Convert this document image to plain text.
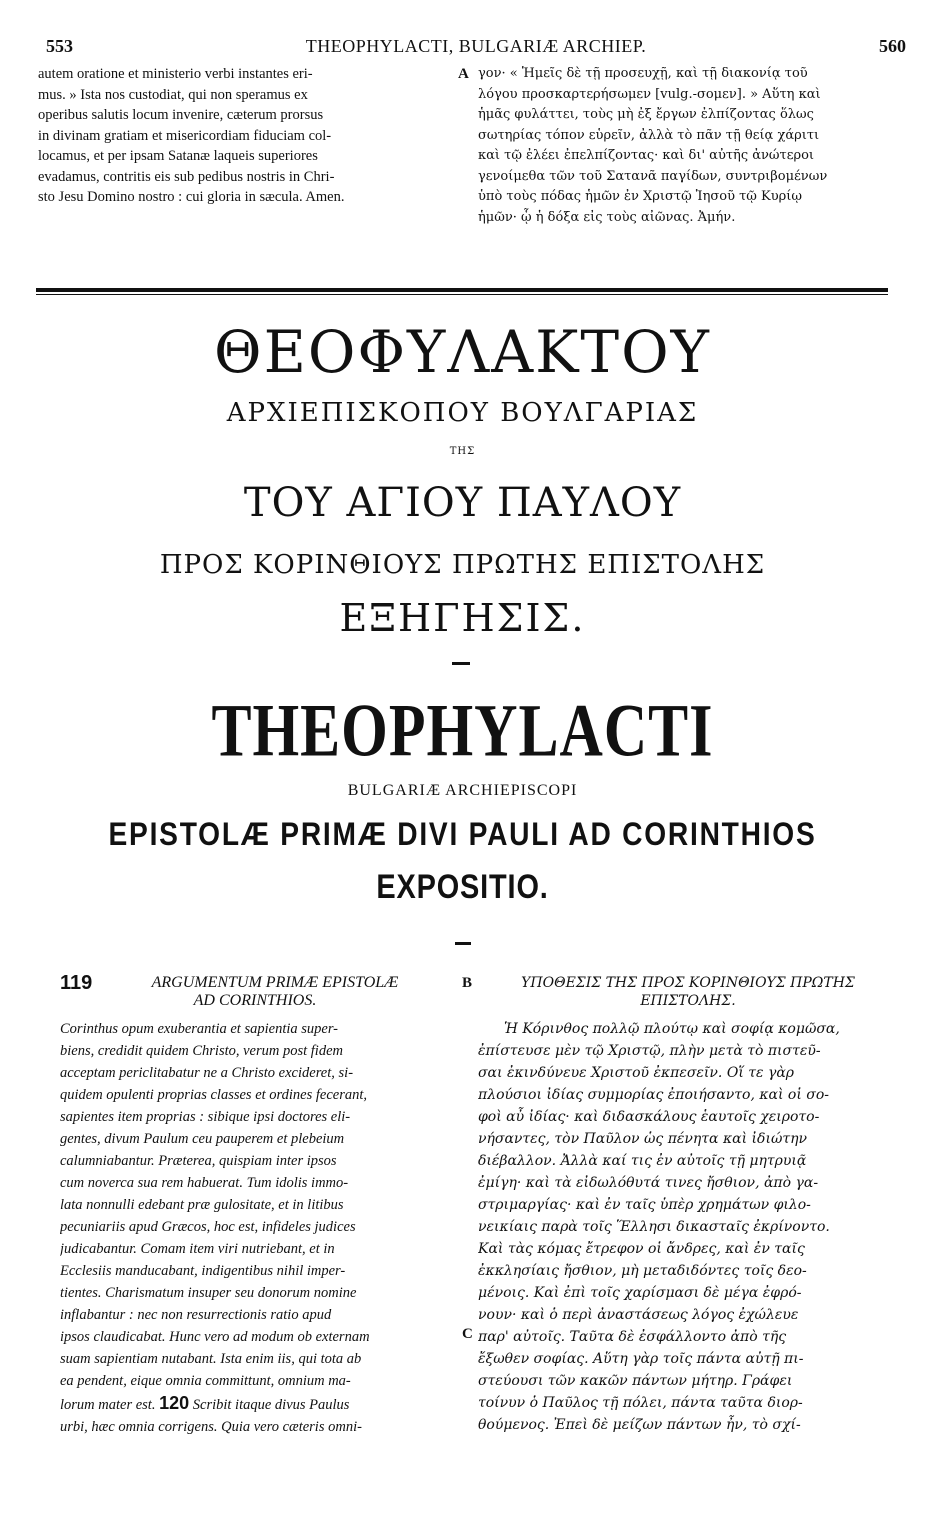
553	THEOPHYLACTI, BULGARIÆ ARCHIEP.	560
autem oratione et ministerio verbi instantes eri-
mus. » Ista nos custodiat, qui non speramus ex
operibus salutis locum invenire, cæterum prorsus
in divinam gratiam et misericordiam fiduciam col-
locamus, et per ipsam Satanæ laqueis superiores
evadamus, contritis eis sub pedibus nostris in Chri-
sto Jesu Domino nostro : cui gloria in sæcula. Amen.
A γον· « Ἡμεῖς δὲ τῇ προσευχῇ, καὶ τῇ διακονίᾳ τοῦ
λόγου προσκαρτερήσωμεν [vulg.-σομεν]. » Αὕτη καὶ
ἡμᾶς φυλάττει, τοὺς μὴ ἐξ ἔργων ἐλπίζοντας ὅλως
σωτηρίας τόπον εὑρεῖν, ἀλλὰ τὸ πᾶν τῇ θείᾳ χάριτι
καὶ τῷ ἐλέει ἐπελπίζοντας· καὶ δι' αὐτῆς ἀνώτεροι
γενοίμεθα τῶν τοῦ Σατανᾶ παγίδων, συντριβομένων
ὑπὸ τοὺς πόδας ἡμῶν ἐν Χριστῷ Ἰησοῦ τῷ Κυρίῳ
ἡμῶν· ᾧ ἡ δόξα εἰς τοὺς αἰῶνας. Ἀμήν.
ΘΕΟΦΥΛΑΚΤΟΥ
ΑΡΧΙΕΠΙΣΚΟΠΟΥ ΒΟΥΛΓΑΡΙΑΣ
ΤΗΣ
ΤΟΥ ΑΓΙΟΥ ΠΑΥΛΟΥ
ΠΡΟΣ ΚΟΡΙΝΘΙΟΥΣ ΠΡΩΤΗΣ ΕΠΙΣΤΟΛΗΣ
ΕΞΗΓΗΣΙΣ.
THEOPHYLACTI
BULGARIÆ ARCHIEPISCOPI
EPISTOLÆ PRIMÆ DIVI PAULI AD CORINTHIOS
EXPOSITIO.
119	ARGUMENTUM PRIMÆ EPISTOLÆ
AD CORINTHIOS.
B	ΥΠΟΘΕΣΙΣ ΤΗΣ ΠΡΟΣ ΚΟΡΙΝΘΙΟΥΣ ΠΡΩΤΗΣ
ΕΠΙΣΤΟΛΗΣ.
Corinthus opum exuberantia et sapientia super-
biens, credidit quidem Christo, verum post fidem
acceptam periclitabatur ne a Christo excideret, si-
quidem opulenti proprias classes et ordines fecerant,
sapientes item proprias : sibique ipsi doctores eli-
gentes, divum Paulum ceu pauperem et plebeium
calumniabantur. Præterea, quispiam inter ipsos
cum noverca sua rem habuerat. Tum idolis immo-
lata nonnulli edebant præ gulositate, et in litibus
pecuniariis apud Græcos, hoc est, infideles judices
judicabantur. Comam item viri nutriebant, et in
Ecclesiis manducabant, indigentibus nihil imper-
tientes. Charismatum insuper seu donorum nomine
inflabantur : nec non resurrectionis ratio apud
ipsos claudicabat. Hunc vero ad modum ob externam
suam sapientiam nutabant. Ista enim iis, qui tota ab
ea pendent, eique omnia committunt, omnium ma-
lorum mater est. 120 Scribit itaque divus Paulus
urbi, hæc omnia corrigens. Quia vero cæteris omni-
C
Ἡ Κόρινθος πολλῷ πλούτῳ καὶ σοφίᾳ κομῶσα,
ἐπίστευσε μὲν τῷ Χριστῷ, πλὴν μετὰ τὸ πιστεῦ-
σαι ἐκινδύνευε Χριστοῦ ἐκπεσεῖν. Οἵ τε γὰρ
πλούσιοι ἰδίας συμμορίας ἐποιήσαντο, καὶ οἱ σο-
φοὶ αὖ ἰδίας· καὶ διδασκάλους ἑαυτοῖς χειροτο-
νήσαντες, τὸν Παῦλον ὡς πένητα καὶ ἰδιώτην
διέβαλλον. Ἀλλὰ καί τις ἐν αὐτοῖς τῇ μητρυιᾷ
ἐμίγη· καὶ τὰ εἰδωλόθυτά τινες ἤσθιον, ἀπὸ γα-
στριμαργίας· καὶ ἐν ταῖς ὑπὲρ χρημάτων φιλο-
νεικίαις παρὰ τοῖς Ἕλλησι δικασταῖς ἐκρίνοντο.
Καὶ τὰς κόμας ἔτρεφον οἱ ἄνδρες, καὶ ἐν ταῖς
ἐκκλησίαις ἤσθιον, μὴ μεταδιδόντες τοῖς δεο-
μένοις. Καὶ ἐπὶ τοῖς χαρίσμασι δὲ μέγα ἐφρό-
νουν· καὶ ὁ περὶ ἀναστάσεως λόγος ἐχώλευε
παρ' αὐτοῖς. Ταῦτα δὲ ἐσφάλλοντο ἀπὸ τῆς
ἔξωθεν σοφίας. Αὕτη γὰρ τοῖς πάντα αὐτῇ πι-
στεύουσι τῶν κακῶν πάντων μήτηρ. Γράφει
τοίνυν ὁ Παῦλος τῇ πόλει, πάντα ταῦτα διορ-
θούμενος. Ἐπεὶ δὲ μείζων πάντων ἦν, τὸ σχί-
